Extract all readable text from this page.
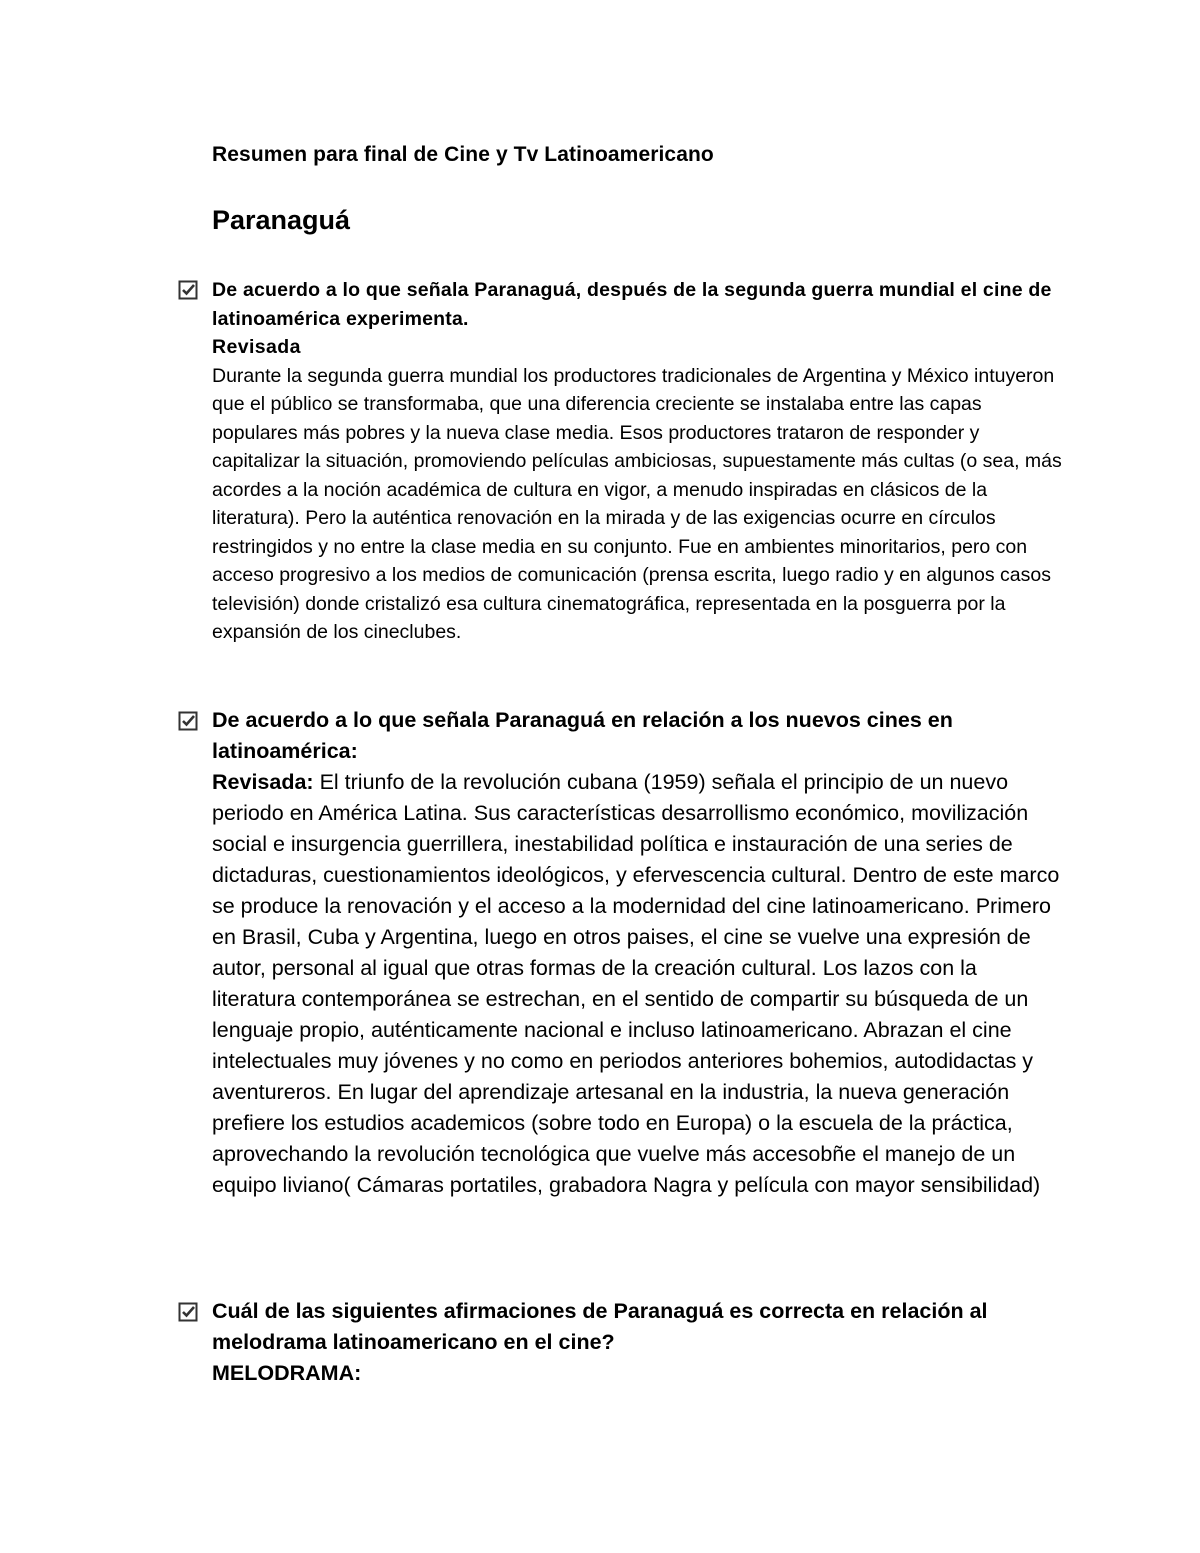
Resumen para final de Cine y Tv Latinoamericano
Paranaguá
De acuerdo a lo que señala Paranaguá, después de la segunda guerra mundial el cine de latinoamérica experimenta.
Revisada
Durante la segunda guerra mundial los productores tradicionales de Argentina y México intuyeron que el público se transformaba, que una diferencia creciente se instalaba entre las capas populares más pobres y la nueva clase media. Esos productores trataron de responder y capitalizar la situación, promoviendo películas ambiciosas, supuestamente más cultas (o sea, más acordes a la noción académica de cultura en vigor, a menudo inspiradas en clásicos de la literatura). Pero la auténtica renovación en la mirada y de las exigencias ocurre en círculos restringidos y no entre la clase media en su conjunto. Fue en ambientes minoritarios, pero con acceso progresivo a los medios de comunicación (prensa escrita, luego radio y en algunos casos televisión) donde cristalizó esa cultura cinematográfica, representada en la posguerra por la expansión de los cineclubes.
De acuerdo a lo que señala Paranaguá en relación a los nuevos cines en latinoamérica:
Revisada: El triunfo de la revolución cubana (1959) señala el principio de un nuevo periodo en América Latina. Sus características desarrollismo económico, movilización social e insurgencia guerrillera, inestabilidad política e instauración de una series de dictaduras, cuestionamientos ideológicos, y efervescencia cultural. Dentro de este marco se produce la renovación y el acceso a la modernidad del cine latinoamericano. Primero en Brasil, Cuba y Argentina, luego en otros paises, el cine se vuelve una expresión de autor, personal al igual que otras formas de la creación cultural. Los lazos con la literatura contemporánea se estrechan, en el sentido de compartir su búsqueda de un lenguaje propio, auténticamente nacional e incluso latinoamericano. Abrazan el cine intelectuales muy jóvenes y no como en periodos anteriores bohemios, autodidactas y aventureros. En lugar del aprendizaje artesanal en la industria, la nueva generación prefiere los estudios academicos (sobre todo en Europa) o la escuela de la práctica, aprovechando la revolución tecnológica que vuelve más accesobñe el manejo de un equipo liviano( Cámaras portatiles, grabadora Nagra y película con mayor sensibilidad)
Cuál de las siguientes afirmaciones de Paranaguá es correcta en relación al melodrama latinoamericano en el cine?
MELODRAMA:
